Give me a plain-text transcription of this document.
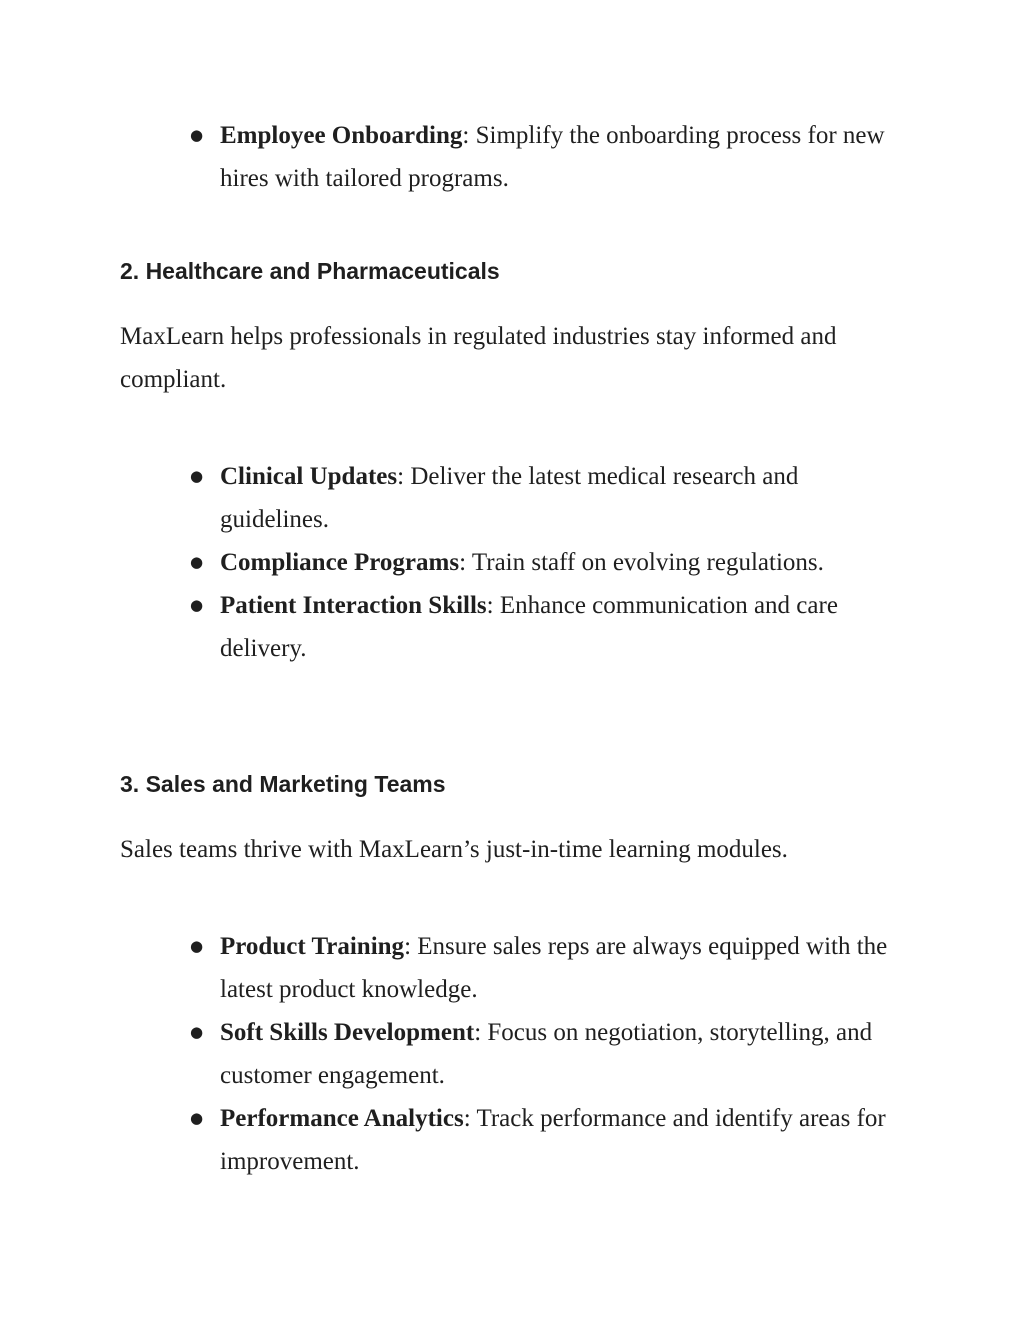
● Employee Onboarding: Simplify the onboarding process for new hires with tailored programs.
2. Healthcare and Pharmaceuticals

MaxLearn helps professionals in regulated industries stay informed and compliant.

● Clinical Updates: Deliver the latest medical research and guidelines.
● Compliance Programs: Train staff on evolving regulations.
● Patient Interaction Skills: Enhance communication and care delivery.
3. Sales and Marketing Teams

Sales teams thrive with MaxLearn’s just-in-time learning modules.

● Product Training: Ensure sales reps are always equipped with the latest product knowledge.
● Soft Skills Development: Focus on negotiation, storytelling, and customer engagement.
● Performance Analytics: Track performance and identify areas for improvement.
